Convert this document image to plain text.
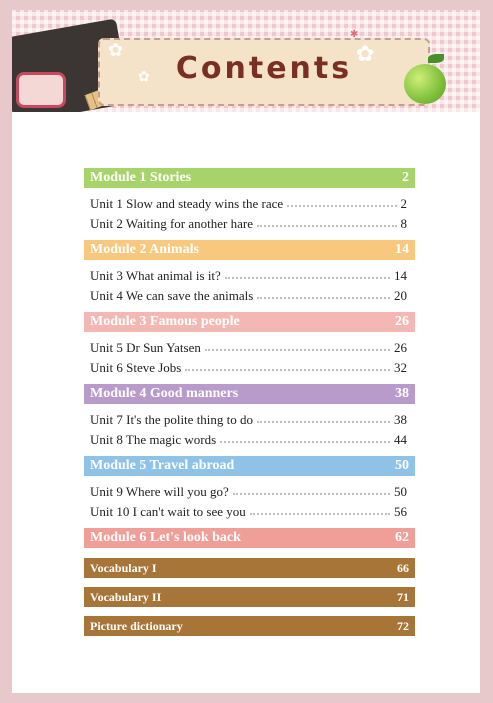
Contents
✿
✿
✿
✱
Module 1 Stories	2
Unit 1 Slow and steady wins the race	2
Unit 2 Waiting for another hare	8
Module 2 Animals	14
Unit 3 What animal is it?	14
Unit 4 We can save the animals	20
Module 3 Famous people	26
Unit 5 Dr Sun Yatsen	26
Unit 6 Steve Jobs	32
Module 4 Good manners	38
Unit 7 It's the polite thing to do	38
Unit 8 The magic words	44
Module 5 Travel abroad	50
Unit 9 Where will you go?	50
Unit 10 I can't wait to see you	56
Module 6 Let's look back	62
Vocabulary I	66
Vocabulary II	71
Picture dictionary	72
